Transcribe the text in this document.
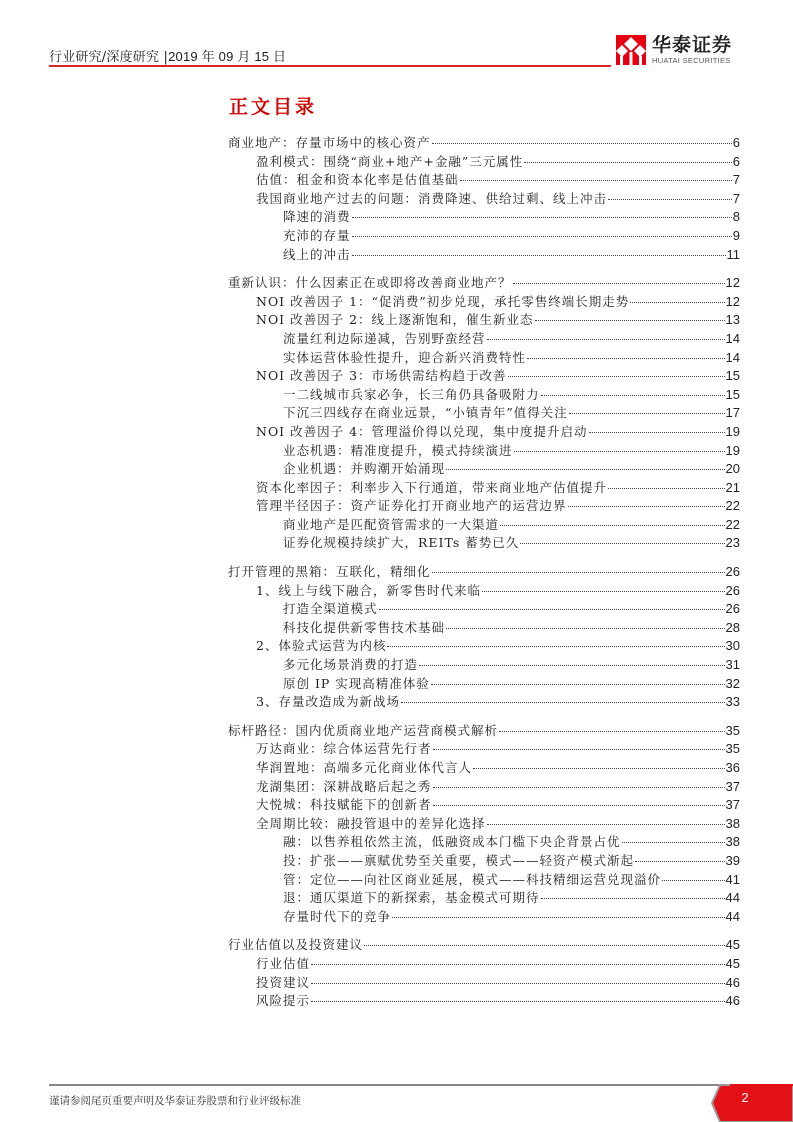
行业研究/深度研究 |2019 年 09 月 15 日
华泰证券
HUATAI SECURITIES
正文目录
商业地产：存量市场中的核心资产	6
盈利模式：围绕“商业+地产+金融”三元属性	6
估值：租金和资本化率是估值基础	7
我国商业地产过去的问题：消费降速、供给过剩、线上冲击	7
降速的消费	8
充沛的存量	9
线上的冲击	11
重新认识：什么因素正在或即将改善商业地产？	12
NOI 改善因子 1：“促消费”初步兑现，承托零售终端长期走势	12
NOI 改善因子 2：线上逐渐饱和，催生新业态	13
流量红利边际递减，告别野蛮经营	14
实体运营体验性提升，迎合新兴消费特性	14
NOI 改善因子 3：市场供需结构趋于改善	15
一二线城市兵家必争，长三角仍具备吸附力	15
下沉三四线存在商业远景，“小镇青年”值得关注	17
NOI 改善因子 4：管理溢价得以兑现，集中度提升启动	19
业态机遇：精准度提升，模式持续演进	19
企业机遇：并购潮开始涌现	20
资本化率因子：利率步入下行通道，带来商业地产估值提升	21
管理半径因子：资产证券化打开商业地产的运营边界	22
商业地产是匹配资管需求的一大渠道	22
证券化规模持续扩大，REITs 蓄势已久	23
打开管理的黑箱：互联化，精细化	26
1、线上与线下融合，新零售时代来临	26
打造全渠道模式	26
科技化提供新零售技术基础	28
2、体验式运营为内核	30
多元化场景消费的打造	31
原创 IP 实现高精准体验	32
3、存量改造成为新战场	33
标杆路径：国内优质商业地产运营商模式解析	35
万达商业：综合体运营先行者	35
华润置地：高端多元化商业体代言人	36
龙湖集团：深耕战略后起之秀	37
大悦城：科技赋能下的创新者	37
全周期比较：融投管退中的差异化选择	38
融：以售养租依然主流，低融资成本门槛下央企背景占优	38
投：扩张——禀赋优势至关重要，模式——轻资产模式渐起	39
管：定位——向社区商业延展，模式——科技精细运营兑现溢价	41
退：通仄渠道下的新探索，基金模式可期待	44
存量时代下的竞争	44
行业估值以及投资建议	45
行业估值	45
投资建议	46
风险提示	46
谨请参阅尾页重要声明及华泰证券股票和行业评级标准	2
